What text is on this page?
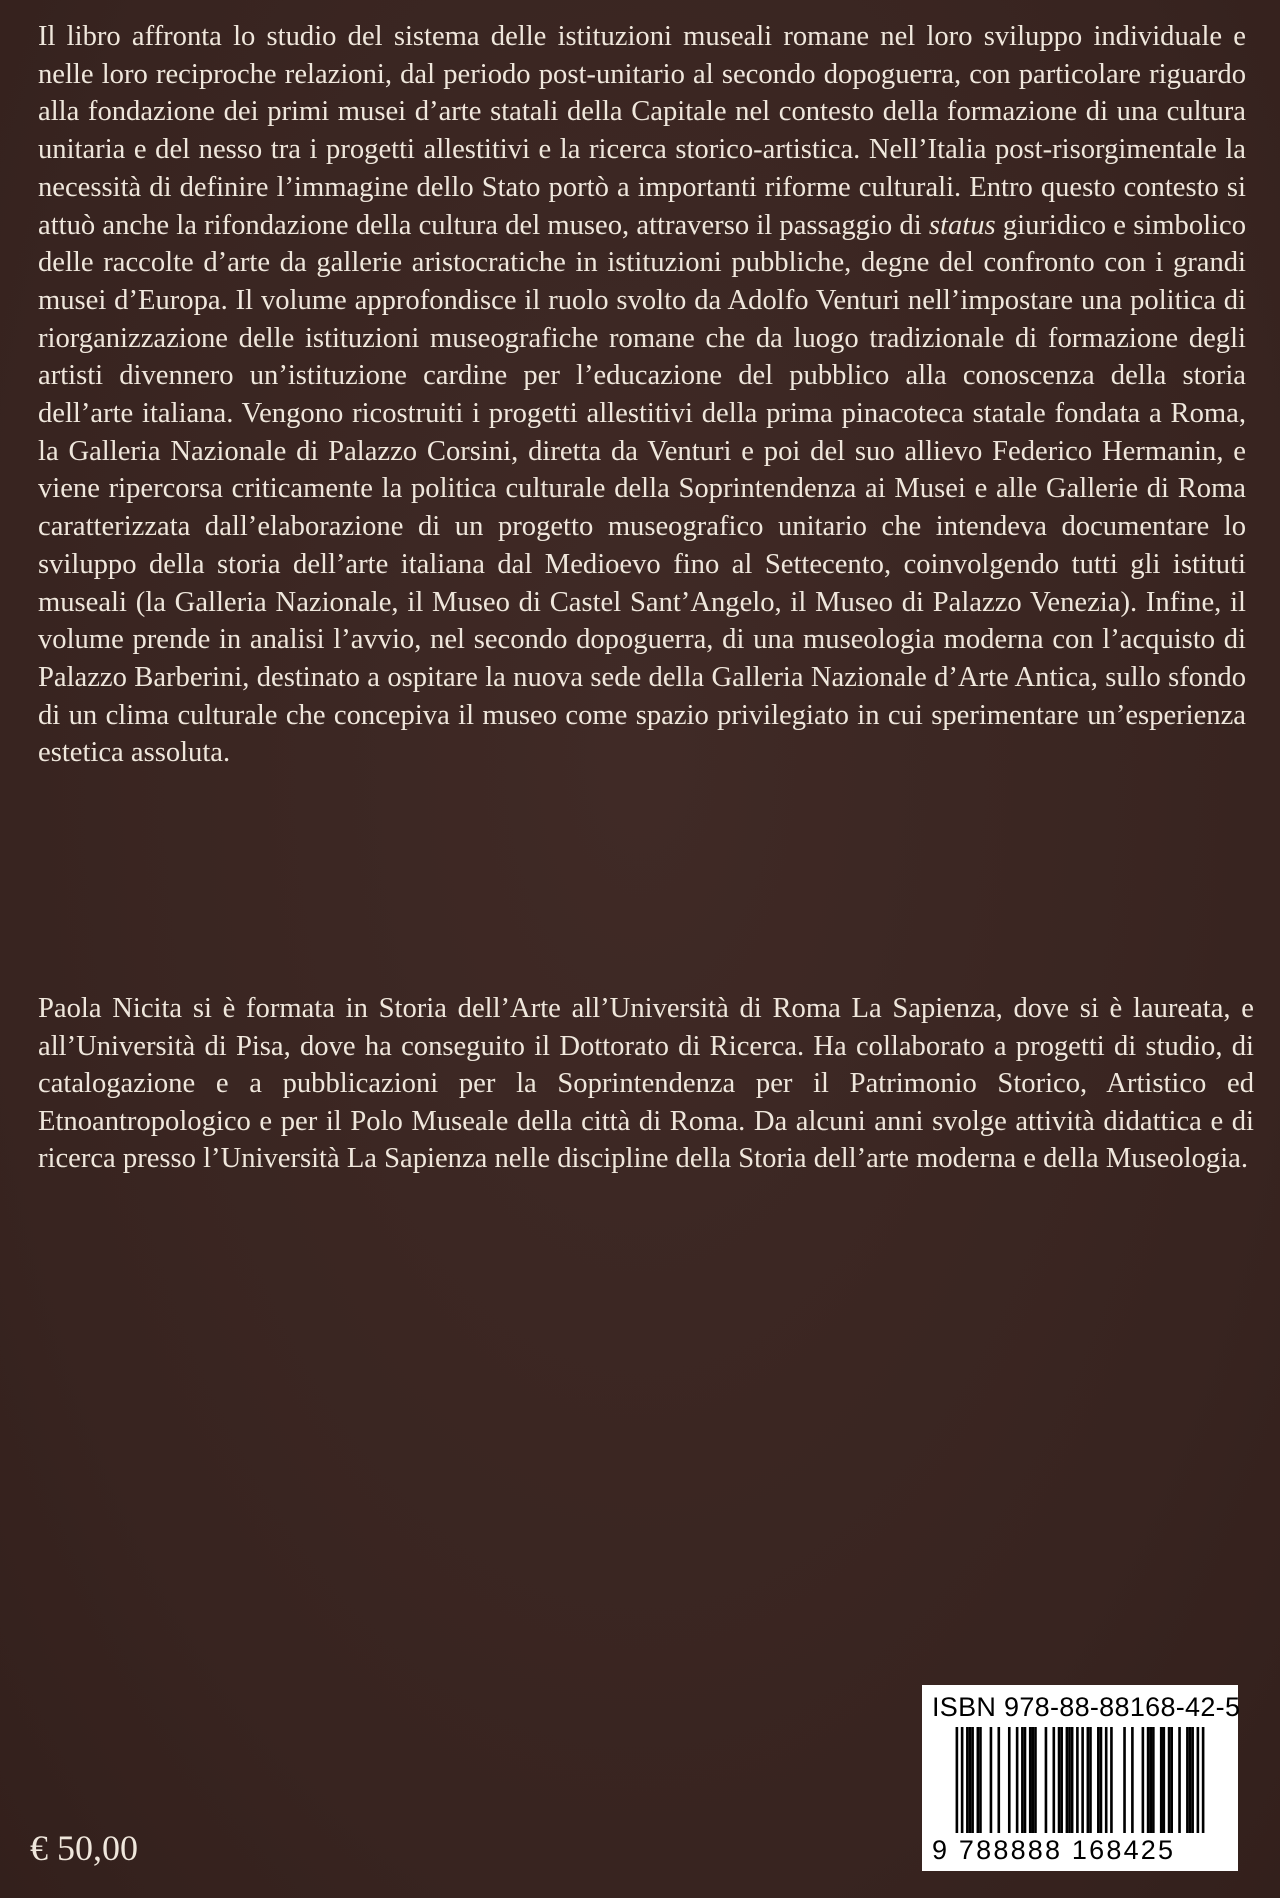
Il libro affronta lo studio del sistema delle istituzioni museali romane nel loro sviluppo individuale e nelle loro reciproche relazioni, dal periodo post-unitario al secondo dopoguerra, con particolare riguardo alla fondazione dei primi musei d’arte statali della Capitale nel contesto della formazione di una cultura unitaria e del nesso tra i progetti allestitivi e la ricerca storico-artistica. Nell’Italia post-risorgimentale la necessità di definire l’immagine dello Stato portò a importanti riforme culturali. Entro questo contesto si attuò anche la rifondazione della cultura del museo, attraverso il passaggio di status giuridico e simbolico delle raccolte d’arte da gallerie aristocratiche in istituzioni pubbliche, degne del confronto con i grandi musei d’Europa. Il volume approfondisce il ruolo svolto da Adolfo Venturi nell’impostare una politica di riorganizzazione delle istituzioni museografiche romane che da luogo tradizionale di formazione degli artisti divennero un’istituzione cardine per l’educazione del pubblico alla conoscenza della storia dell’arte italiana. Vengono ricostruiti i progetti allestitivi della prima pinacoteca statale fondata a Roma, la Galleria Nazionale di Palazzo Corsini, diretta da Venturi e poi del suo allievo Federico Hermanin, e viene ripercorsa criticamente la politica culturale della Soprintendenza ai Musei e alle Gallerie di Roma caratterizzata dall’elaborazione di un progetto museografico unitario che intendeva documentare lo sviluppo della storia dell’arte italiana dal Medioevo fino al Settecento, coinvolgendo tutti gli istituti museali (la Galleria Nazionale, il Museo di Castel Sant’Angelo, il Museo di Palazzo Venezia). Infine, il volume prende in analisi l’avvio, nel secondo dopoguerra, di una museologia moderna con l’acquisto di Palazzo Barberini, destinato a ospitare la nuova sede della Galleria Nazionale d’Arte Antica, sullo sfondo di un clima culturale che concepiva il museo come spazio privilegiato in cui sperimentare un’esperienza estetica assoluta.

Paola Nicita si è formata in Storia dell’Arte all’Università di Roma La Sapienza, dove si è laureata, e all’Università di Pisa, dove ha conseguito il Dottorato di Ricerca. Ha collaborato a progetti di studio, di catalogazione e a pubblicazioni per la Soprintendenza per il Patrimonio Storico, Artistico ed Etnoantropologico e per il Polo Museale della città di Roma. Da alcuni anni svolge attività didattica e di ricerca presso l’Università La Sapienza nelle discipline della Storia dell’arte moderna e della Museologia.

ISBN 978-88-88168-42-5
9 788888 168425
€ 50,00
